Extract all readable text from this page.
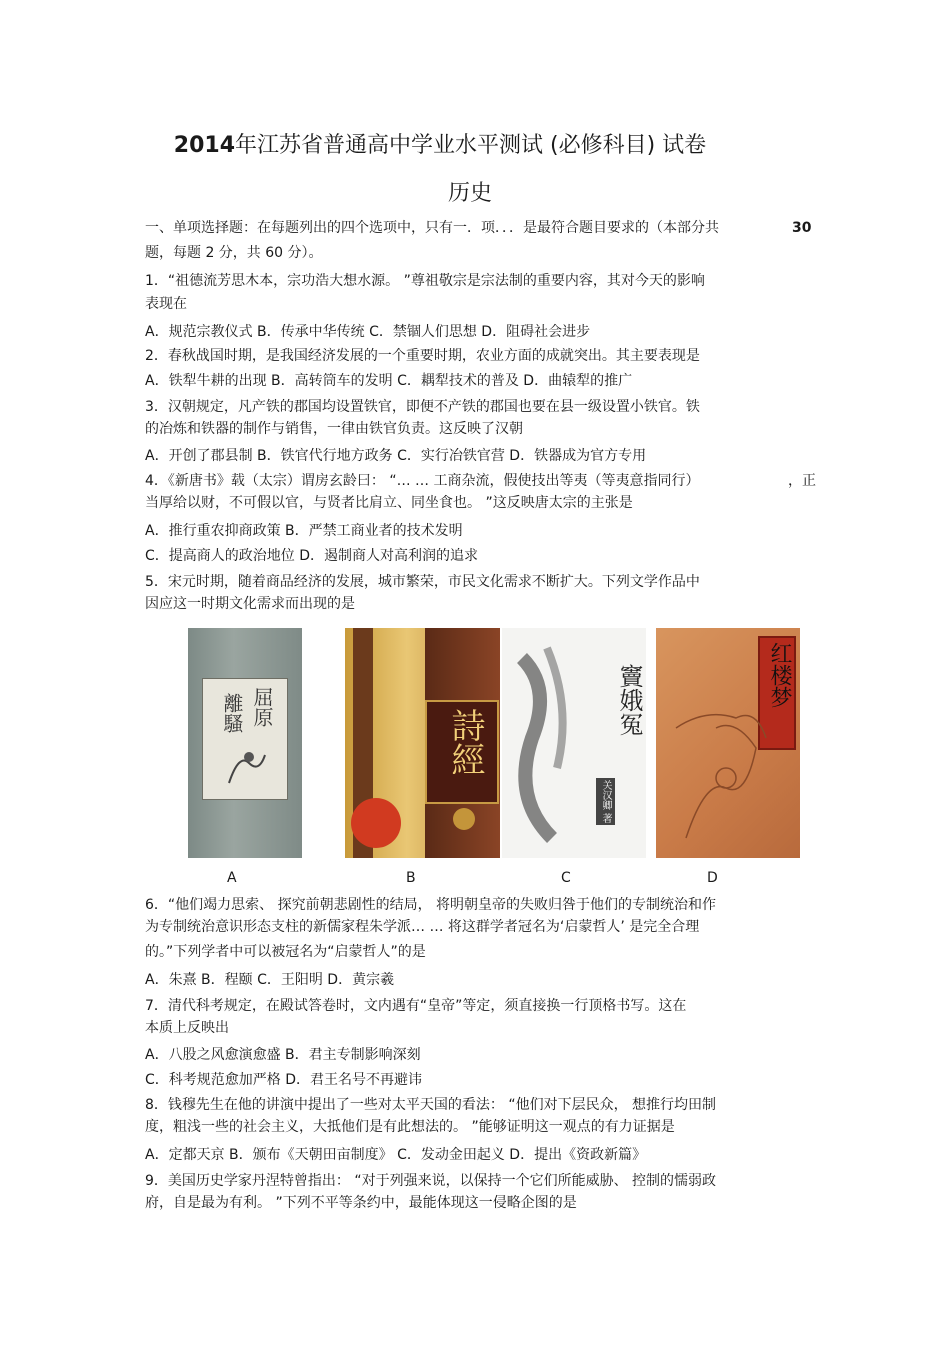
2014年江苏省普通高中学业水平测试 (必修科目) 试卷
历史
一、单项选择题：在每题列出的四个选项中，只有一．项．．．是最符合题目要求的（本部分共	30
题，每题 2 分，共 60 分）。
1．“祖德流芳思木本，宗功浩大想水源。 ”尊祖敬宗是宗法制的重要内容，其对今天的影响
表现在
A．规范宗教仪式 B．传承中华传统 C．禁锢人们思想 D．阻碍社会进步
2．春秋战国时期，是我国经济发展的一个重要时期，农业方面的成就突出。其主要表现是
A．铁犁牛耕的出现 B．高转筒车的发明 C．耦犁技术的普及 D．曲辕犁的推广
3．汉朝规定，凡产铁的郡国均设置铁官，即便不产铁的郡国也要在县一级设置小铁官。铁
的冶炼和铁器的制作与销售，一律由铁官负责。这反映了汉朝
A．开创了郡县制 B．铁官代行地方政务 C．实行冶铁官营 D．铁器成为官方专用
4．《新唐书》载（太宗）谓房玄龄曰： “… … 工商杂流，假使技出等夷（等夷意指同行）	，正
当厚给以财，不可假以官，与贤者比肩立、同坐食也。 ”这反映唐太宗的主张是
A．推行重农抑商政策 B．严禁工商业者的技术发明
C．提高商人的政治地位 D．遏制商人对高利润的追求
5．宋元时期，随着商品经济的发展，城市繁荣，市民文化需求不断扩大。下列文学作品中
因应这一时期文化需求而出现的是
屈原
離騷	詩經
竇娥冤
关汉卿 著
红楼梦
A	B	C	D
6．“他们竭力思索、 探究前朝悲剧性的结局， 将明朝皇帝的失败归咎于他们的专制统治和作
为专制统治意识形态支柱的新儒家程朱学派… … 将这群学者冠名为‘启蒙哲人’ 是完全合理
的。”下列学者中可以被冠名为“启蒙哲人”的是
A．朱熹 B．程颐 C．王阳明 D．黄宗羲
7．清代科考规定，在殿试答卷时，文内遇有“皇帝”等定，须直接换一行顶格书写。这在
本质上反映出
A．八股之风愈演愈盛 B．君主专制影响深刻
C．科考规范愈加严格 D．君王名号不再避讳
8．钱穆先生在他的讲演中提出了一些对太平天国的看法： “他们对下层民众， 想推行均田制
度，粗浅一些的社会主义，大抵他们是有此想法的。 ”能够证明这一观点的有力证据是
A．定都天京 B．颁布《天朝田亩制度》 C．发动金田起义 D．提出《资政新篇》
9．美国历史学家丹涅特曾指出： “对于列强来说，以保持一个它们所能威胁、 控制的懦弱政
府，自是最为有利。 ”下列不平等条约中，最能体现这一侵略企图的是
